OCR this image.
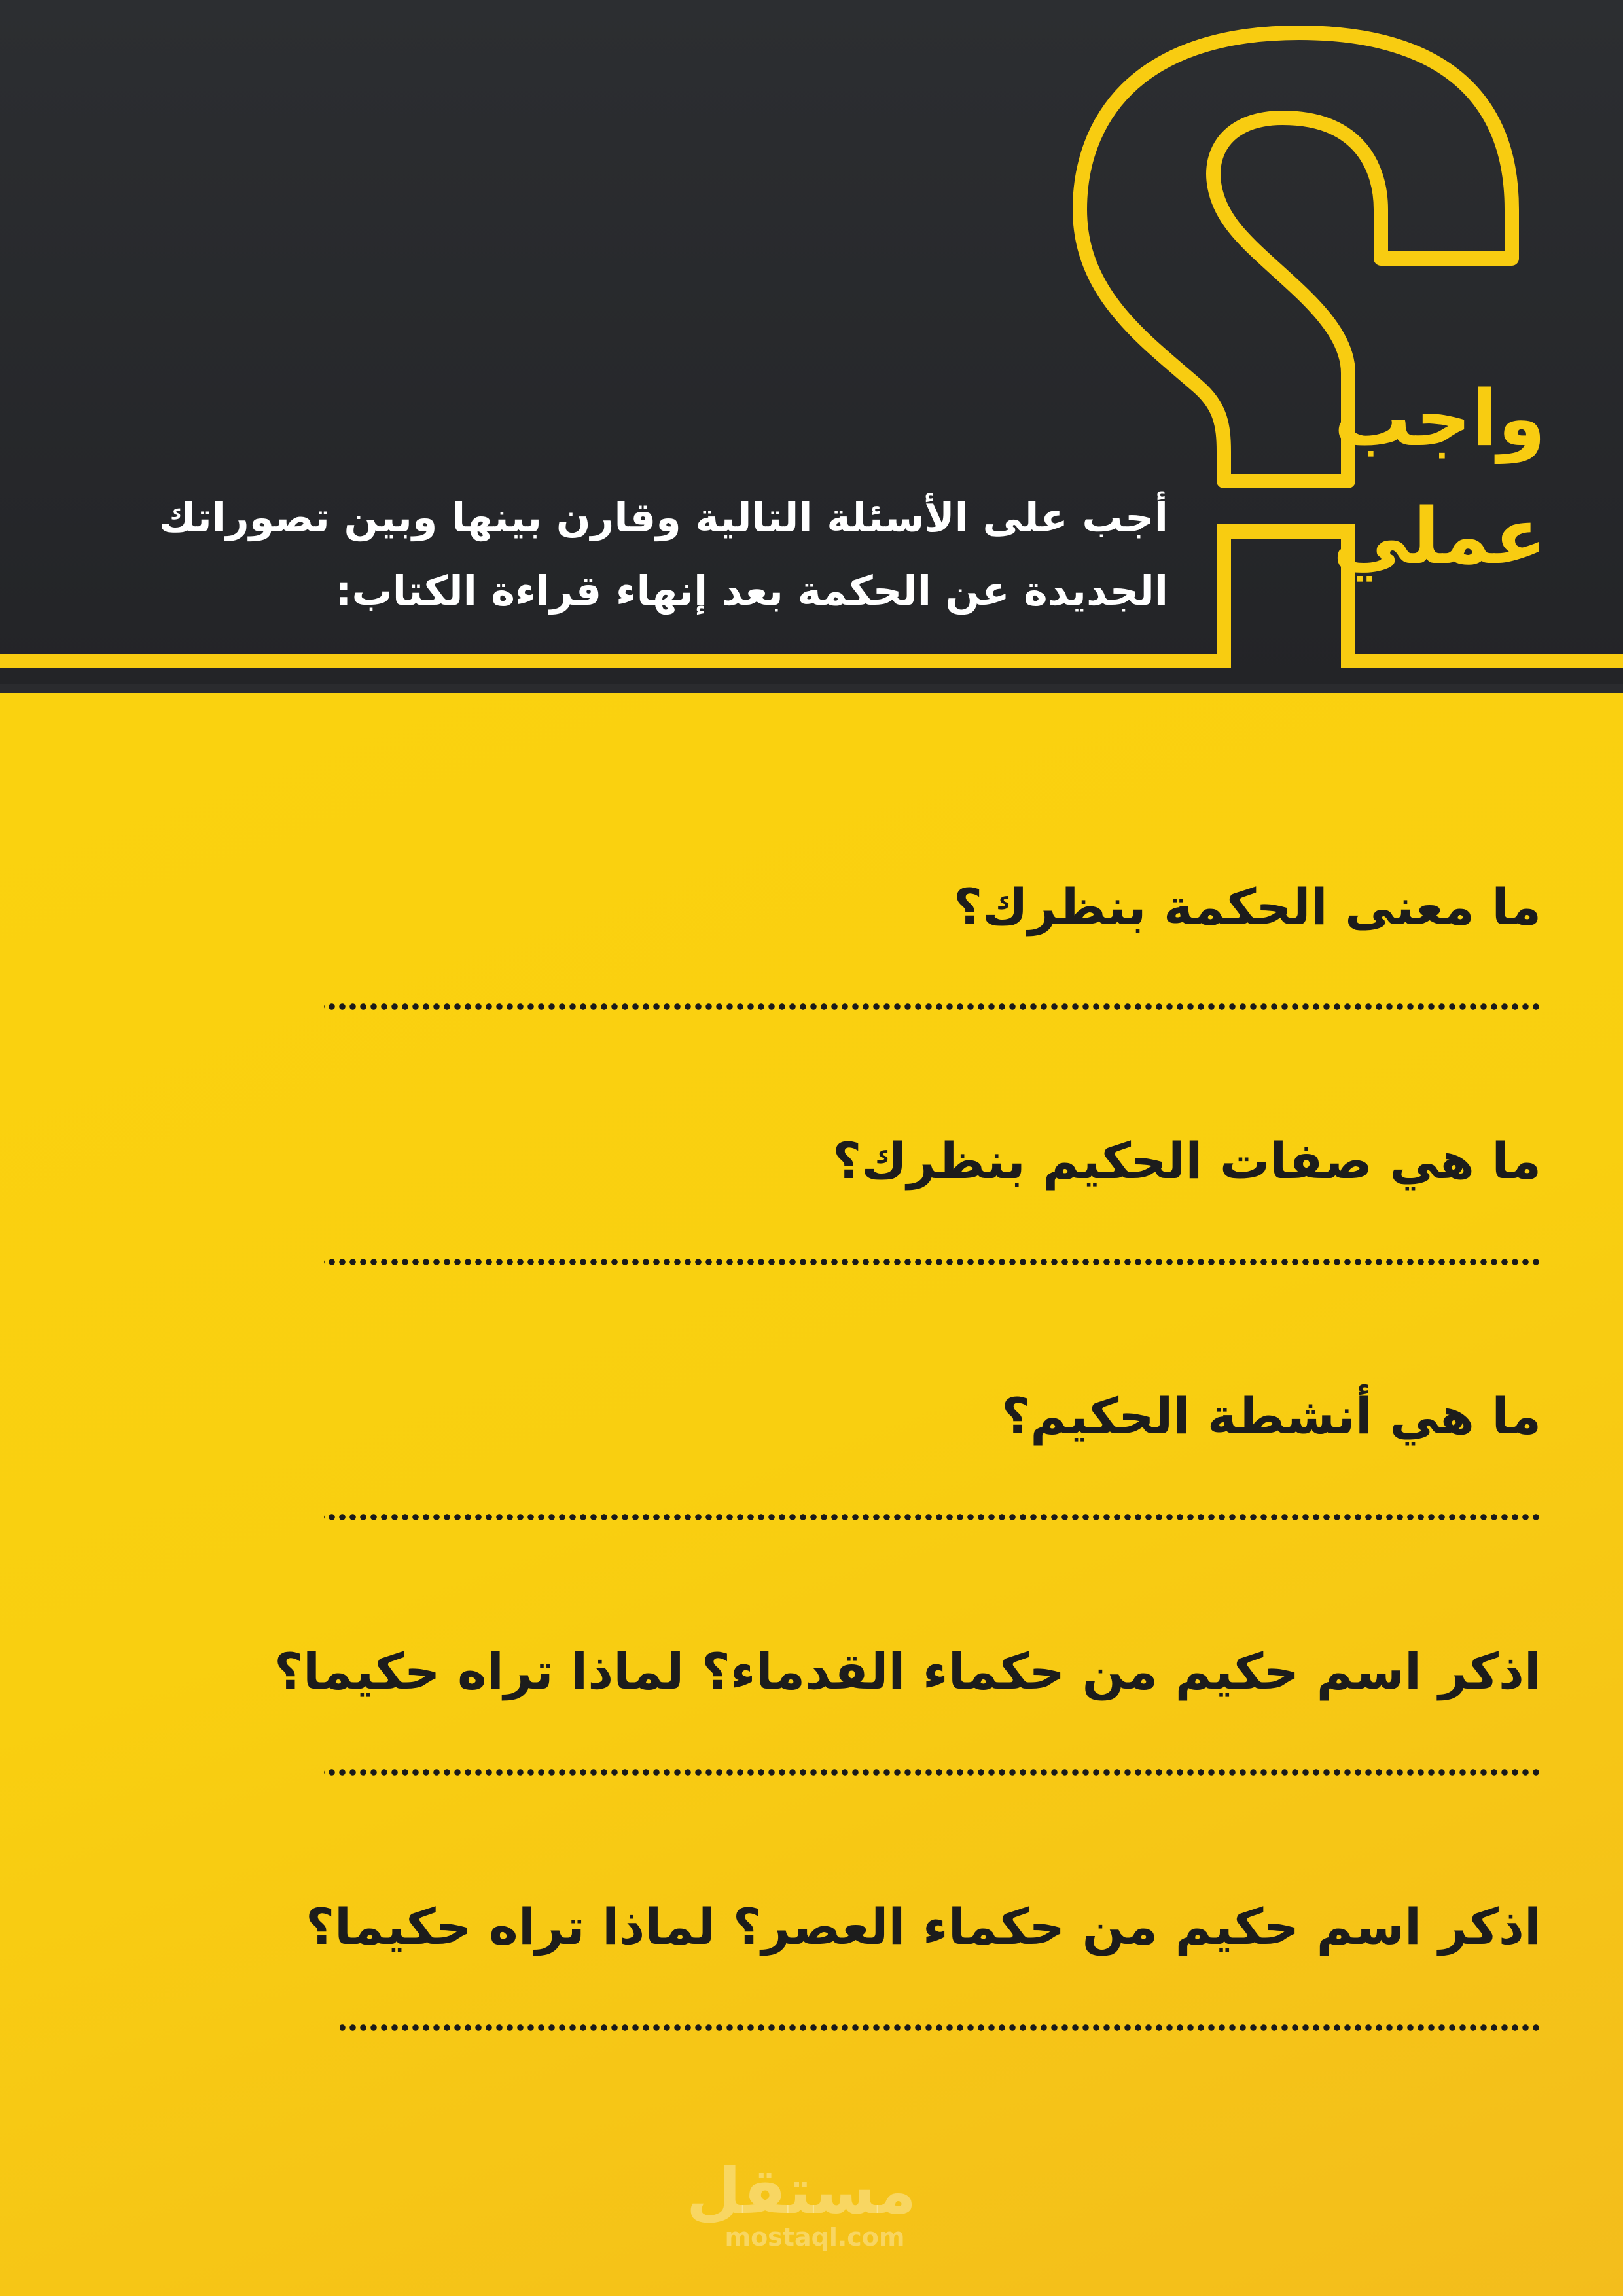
واجب
عملي
أجب على الأسئلة التالية وقارن بينها وبين تصوراتك الجديدة عن الحكمة بعد إنهاء قراءة الكتاب:
ما معنى الحكمة بنظرك؟
ما هي صفات الحكيم بنظرك؟
ما هي أنشطة الحكيم؟
اذكر اسم حكيم من حكماء القدماء؟ لماذا تراه حكيما؟
اذكر اسم حكيم من حكماء العصر؟ لماذا تراه حكيما؟
مستقل
mostaql.com
